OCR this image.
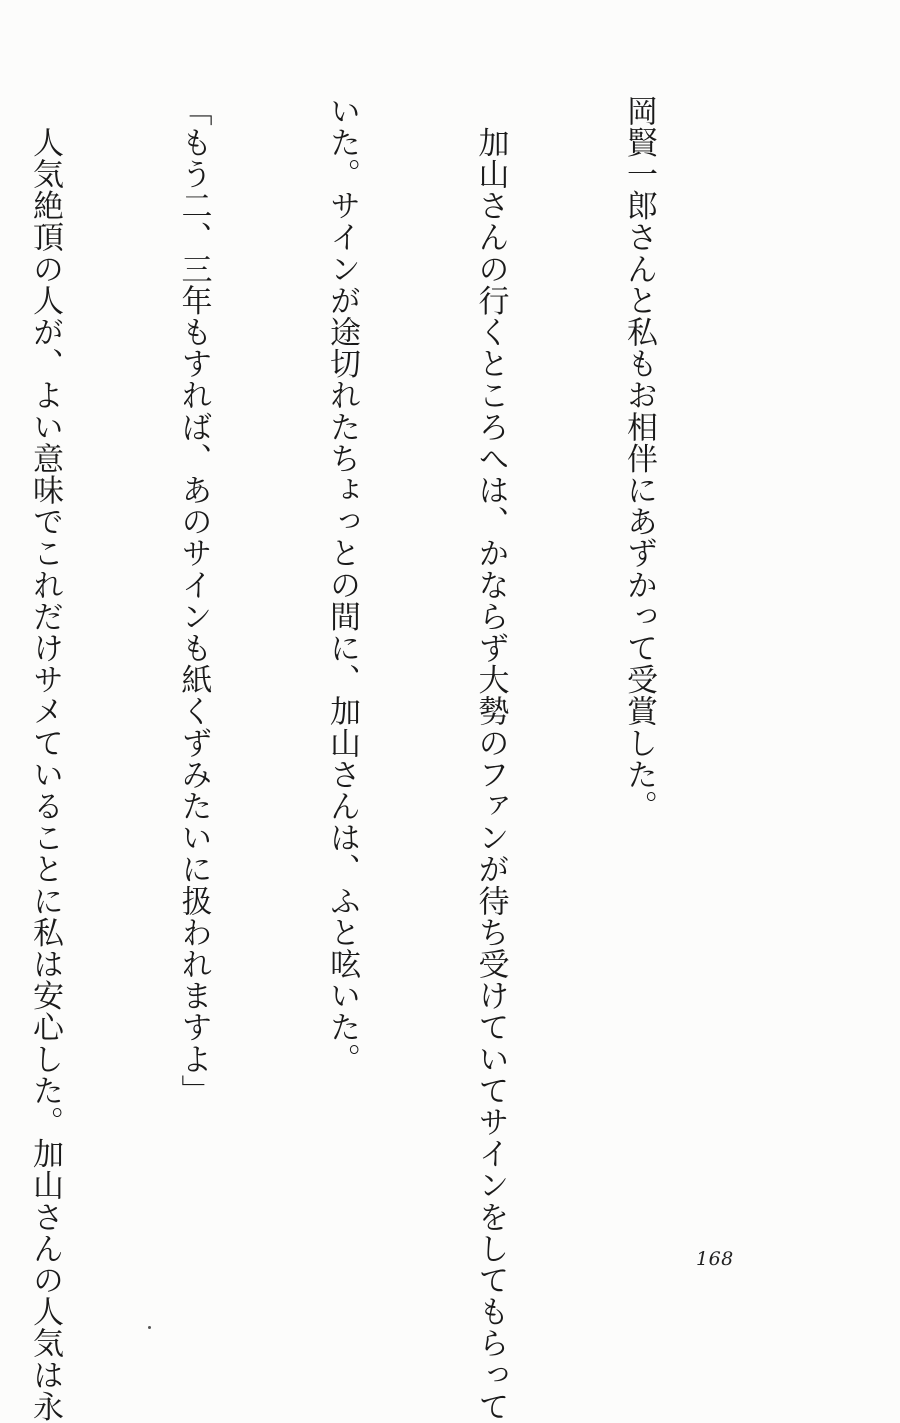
岡賢一郎さんと私もお相伴にあずかって受賞した。

　加山さんの行くところへは、かならず大勢のファンが待ち受けていてサインをしてもらって

いた。サインが途切れたちょっとの間に、加山さんは、ふと呟いた。

「もう二、三年もすれば、あのサインも紙くずみたいに扱われますよ」

　人気絶頂の人が、よい意味でこれだけサメていることに私は安心した。加山さんの人気は永

	168
